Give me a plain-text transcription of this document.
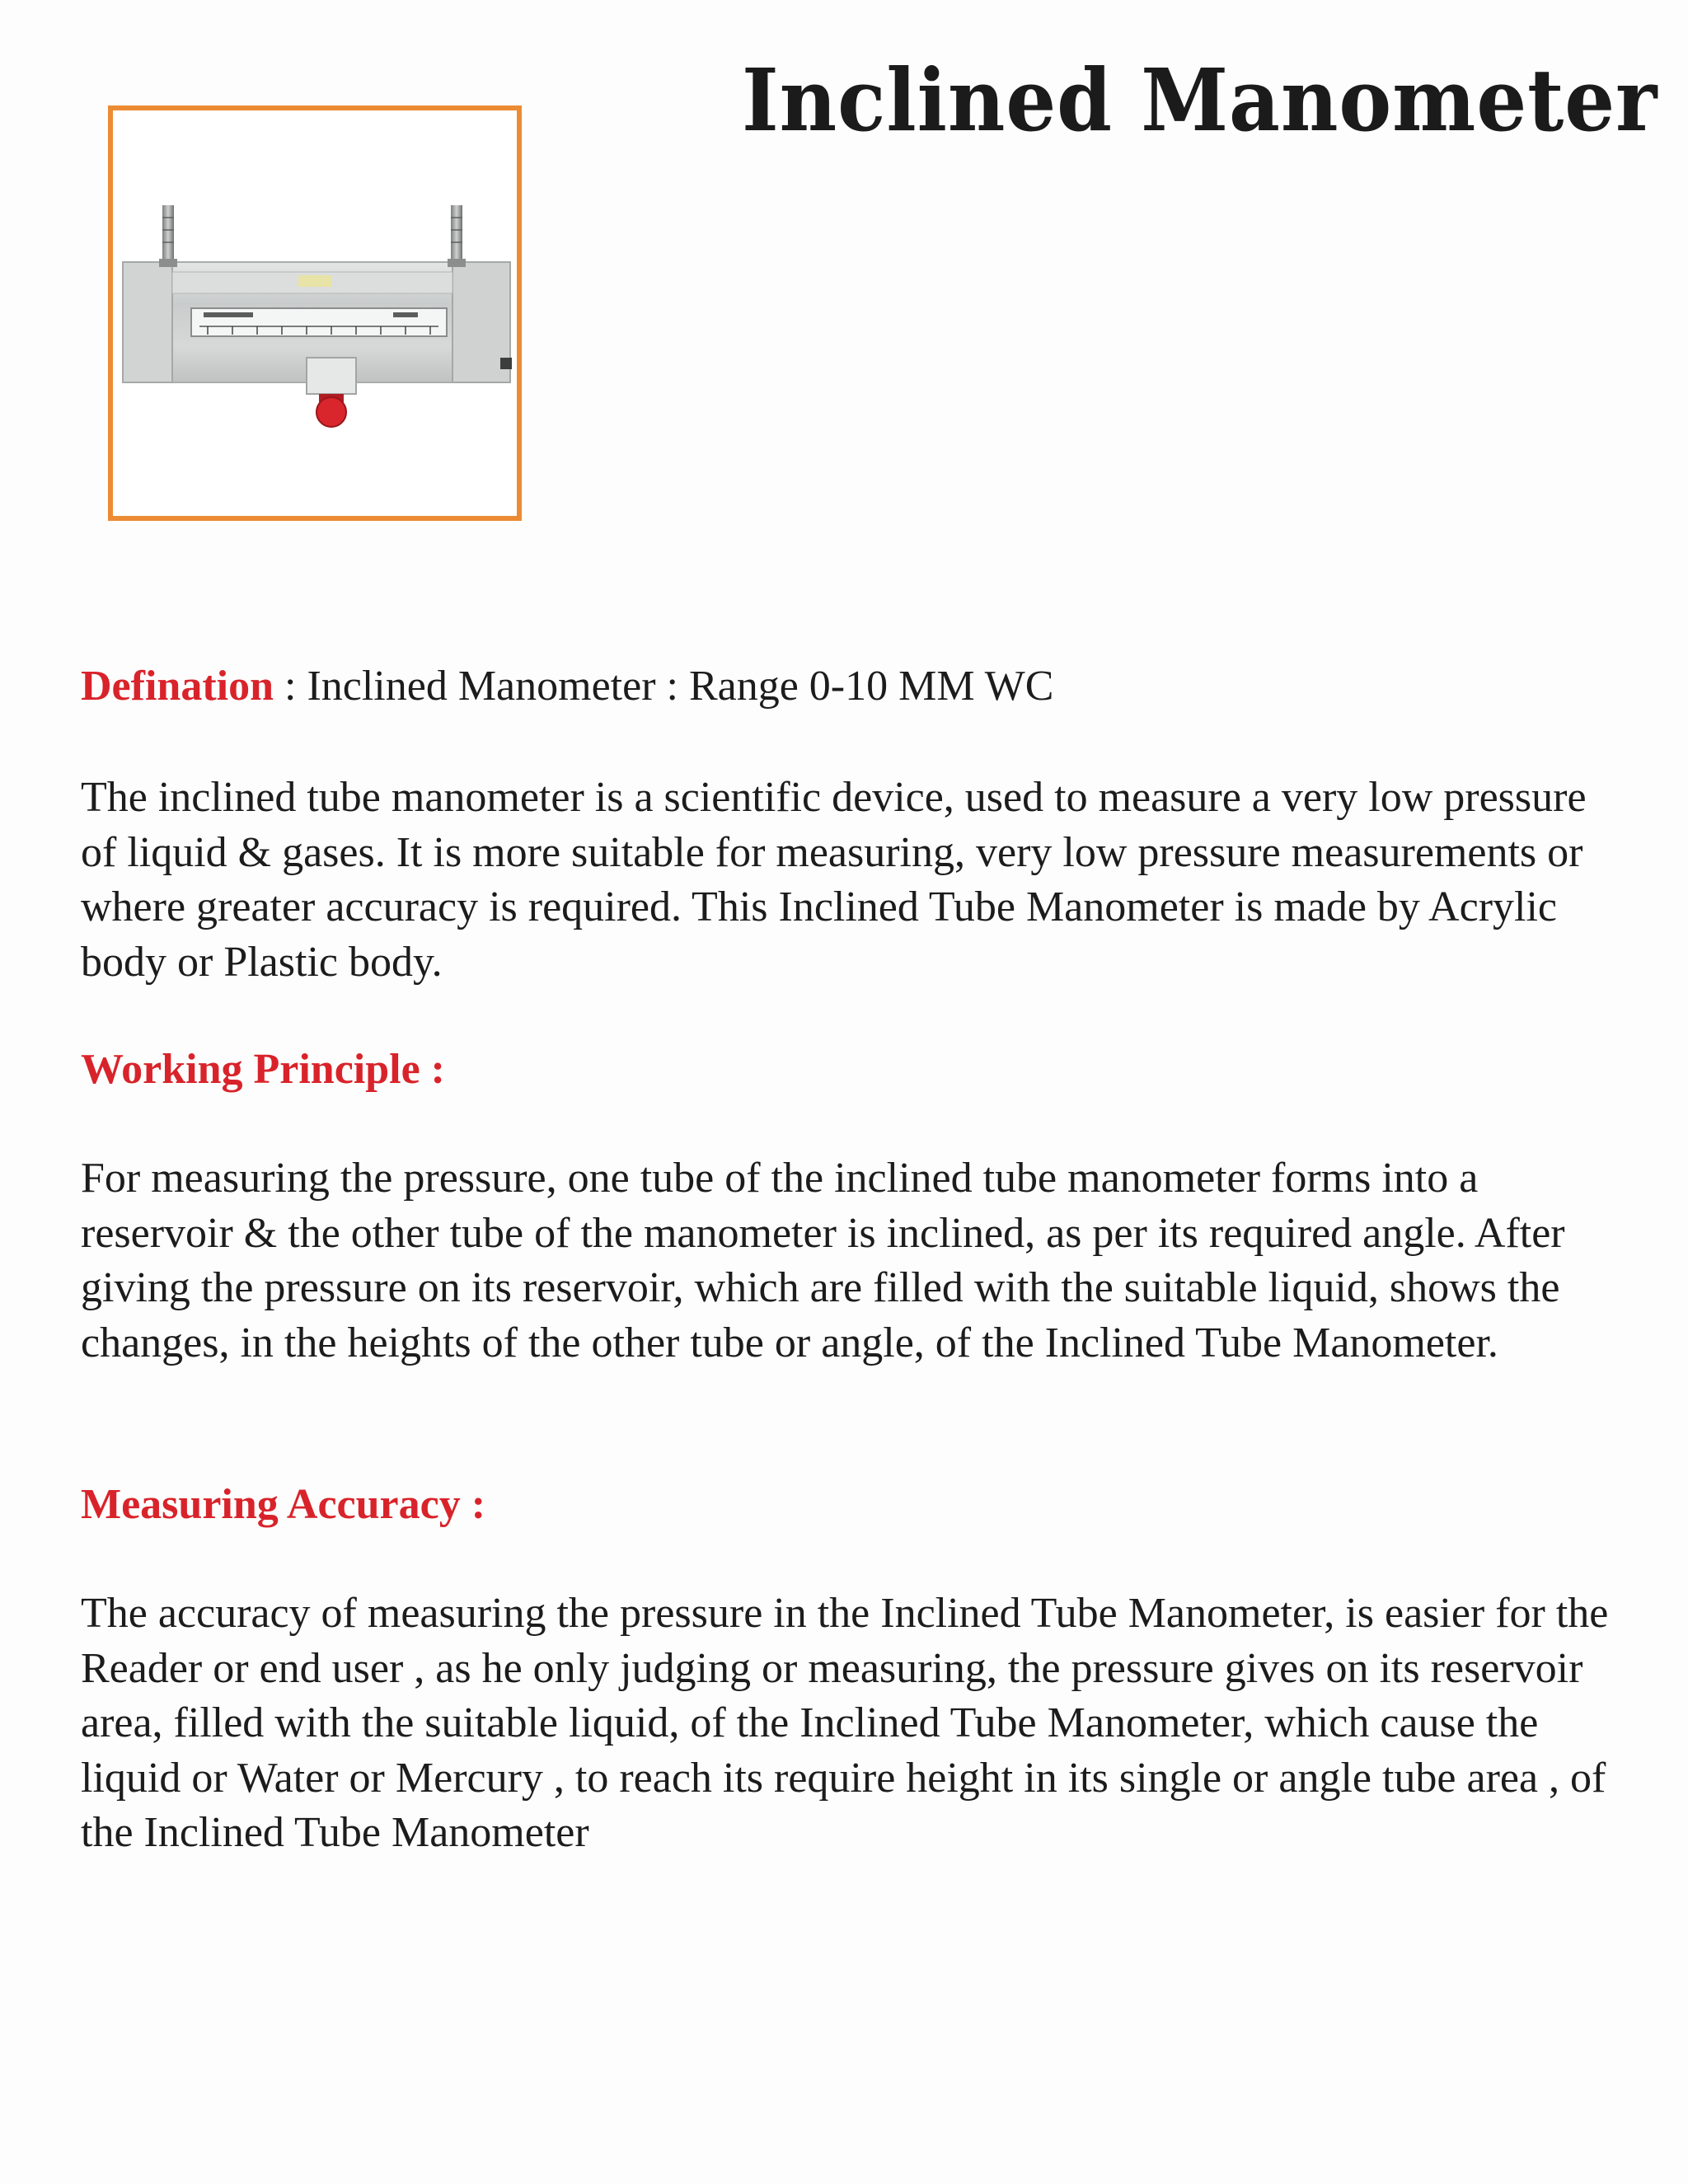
Inclined Manometer

Defination : Inclined Manometer : Range 0-10 MM WC

The inclined tube manometer is a scientific device, used to measure a very low pressure of liquid & gases. It is more suitable for measuring, very low pressure measurements or where greater accuracy is required. This Inclined Tube Manometer is made by Acrylic body or Plastic body.

Working Principle :

For measuring the pressure, one tube of the inclined tube manometer forms into a reservoir & the other tube of the manometer is inclined, as per its required angle. After giving the pressure on its reservoir, which are filled with the suitable liquid, shows the changes, in the heights of the other tube or angle, of the Inclined Tube Manometer.

Measuring Accuracy :

The accuracy of measuring the pressure in the Inclined Tube Manometer, is easier for the Reader or end user , as he only judging or measuring, the pressure gives on its reservoir area, filled with the suitable liquid, of the Inclined Tube Manometer, which cause the liquid or Water or Mercury , to reach its require height in its single or angle tube area , of the Inclined Tube Manometer
